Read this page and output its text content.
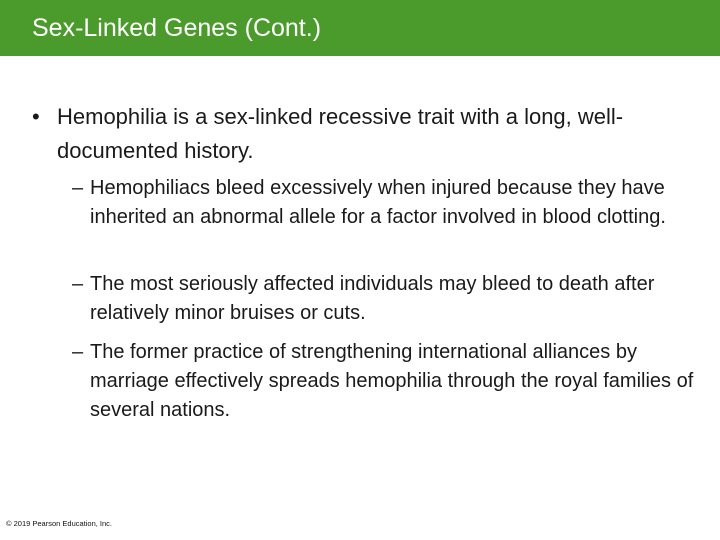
Sex-Linked Genes (Cont.)
• Hemophilia is a sex-linked recessive trait with a long, well-documented history.
– Hemophiliacs bleed excessively when injured because they have inherited an abnormal allele for a factor involved in blood clotting.
– The most seriously affected individuals may bleed to death after relatively minor bruises or cuts.
– The former practice of strengthening international alliances by marriage effectively spreads hemophilia through the royal families of several nations.
© 2019 Pearson Education, Inc.
